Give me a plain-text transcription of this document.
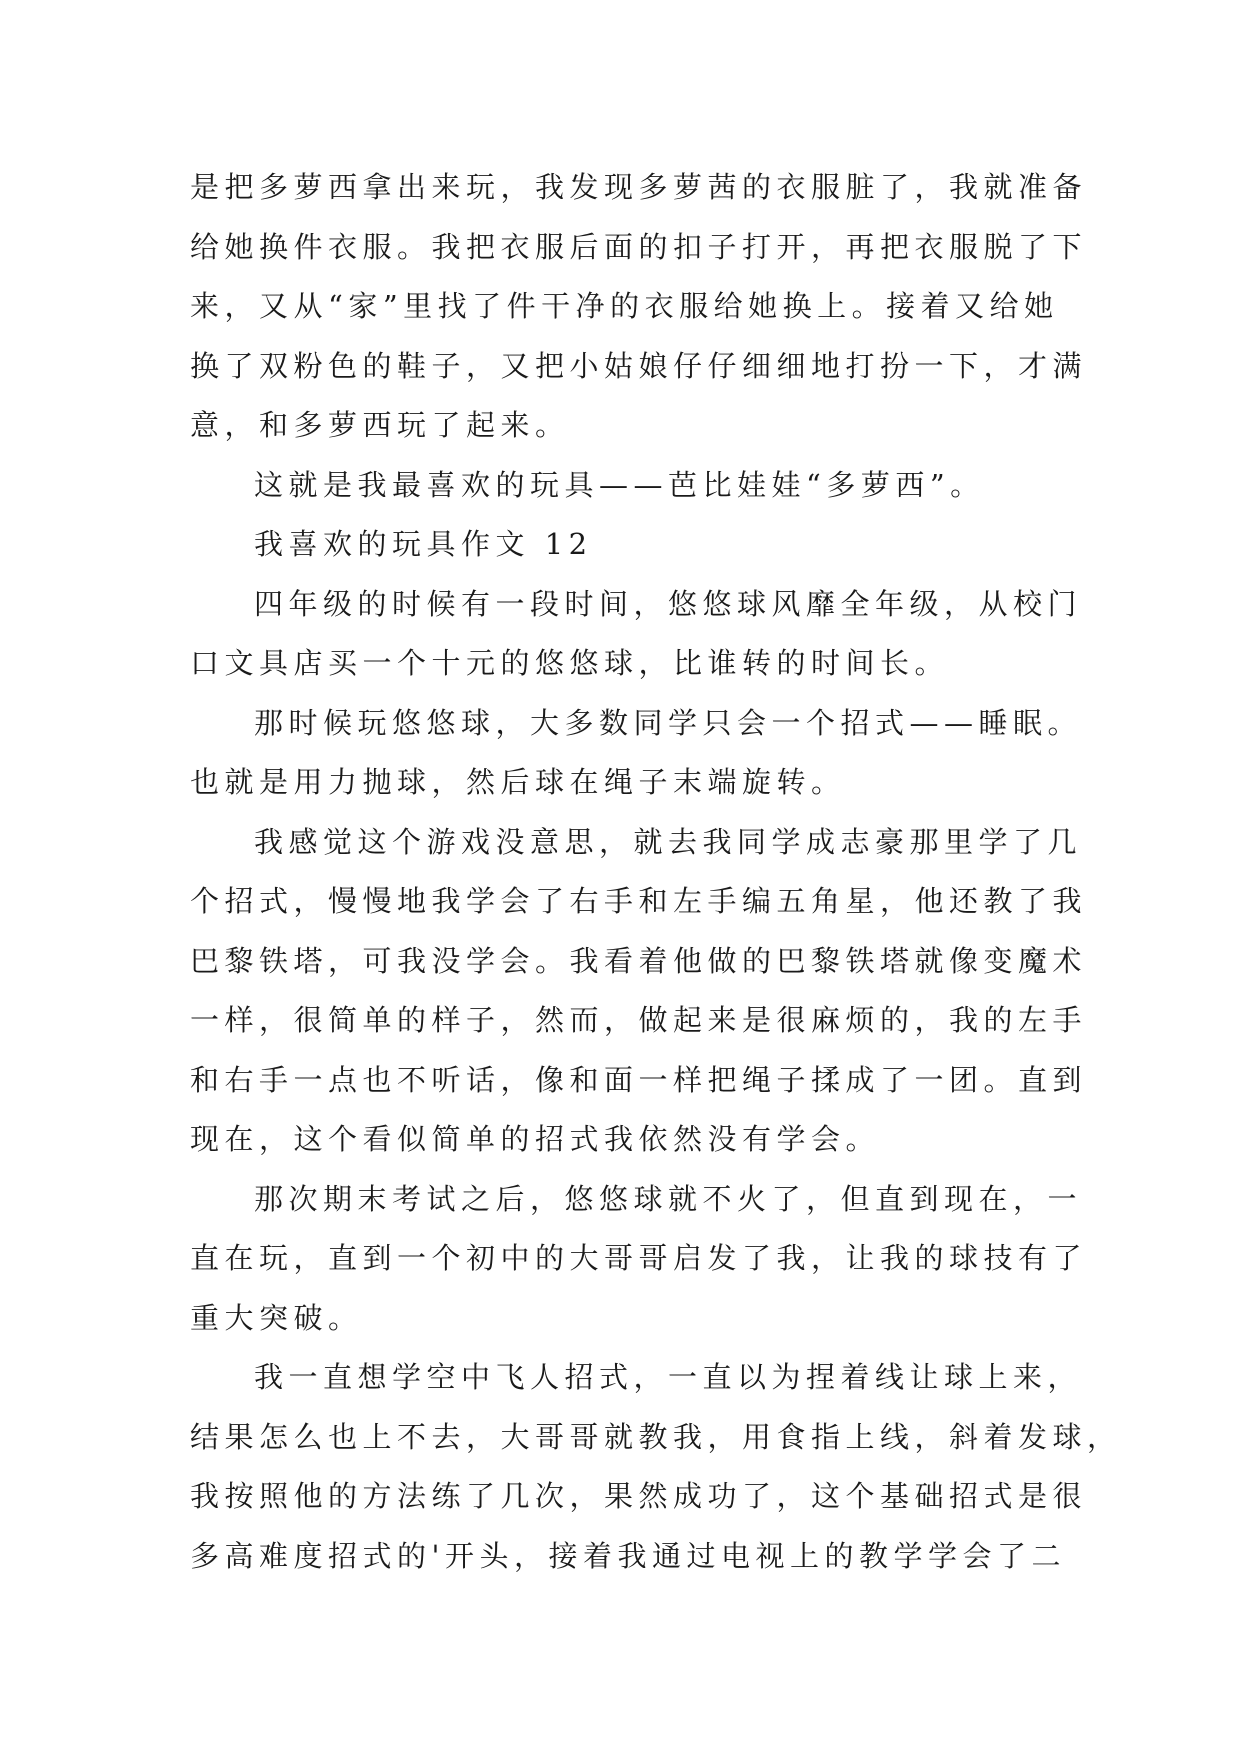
是把多萝西拿出来玩，我发现多萝茜的衣服脏了，我就准备
给她换件衣服。我把衣服后面的扣子打开，再把衣服脱了下
来，又从“家”里找了件干净的衣服给她换上。接着又给她
换了双粉色的鞋子，又把小姑娘仔仔细细地打扮一下，才满
意，和多萝西玩了起来。
这就是我最喜欢的玩具——芭比娃娃“多萝西”。
我喜欢的玩具作文 12
四年级的时候有一段时间，悠悠球风靡全年级，从校门
口文具店买一个十元的悠悠球，比谁转的时间长。
那时候玩悠悠球，大多数同学只会一个招式——睡眠。
也就是用力抛球，然后球在绳子末端旋转。
我感觉这个游戏没意思，就去我同学成志豪那里学了几
个招式，慢慢地我学会了右手和左手编五角星，他还教了我
巴黎铁塔，可我没学会。我看着他做的巴黎铁塔就像变魔术
一样，很简单的样子，然而，做起来是很麻烦的，我的左手
和右手一点也不听话，像和面一样把绳子揉成了一团。直到
现在，这个看似简单的招式我依然没有学会。
那次期末考试之后，悠悠球就不火了，但直到现在，一
直在玩，直到一个初中的大哥哥启发了我，让我的球技有了
重大突破。
我一直想学空中飞人招式，一直以为捏着线让球上来，
结果怎么也上不去，大哥哥就教我，用食指上线，斜着发球，
我按照他的方法练了几次，果然成功了，这个基础招式是很
多高难度招式的'开头，接着我通过电视上的教学学会了二
